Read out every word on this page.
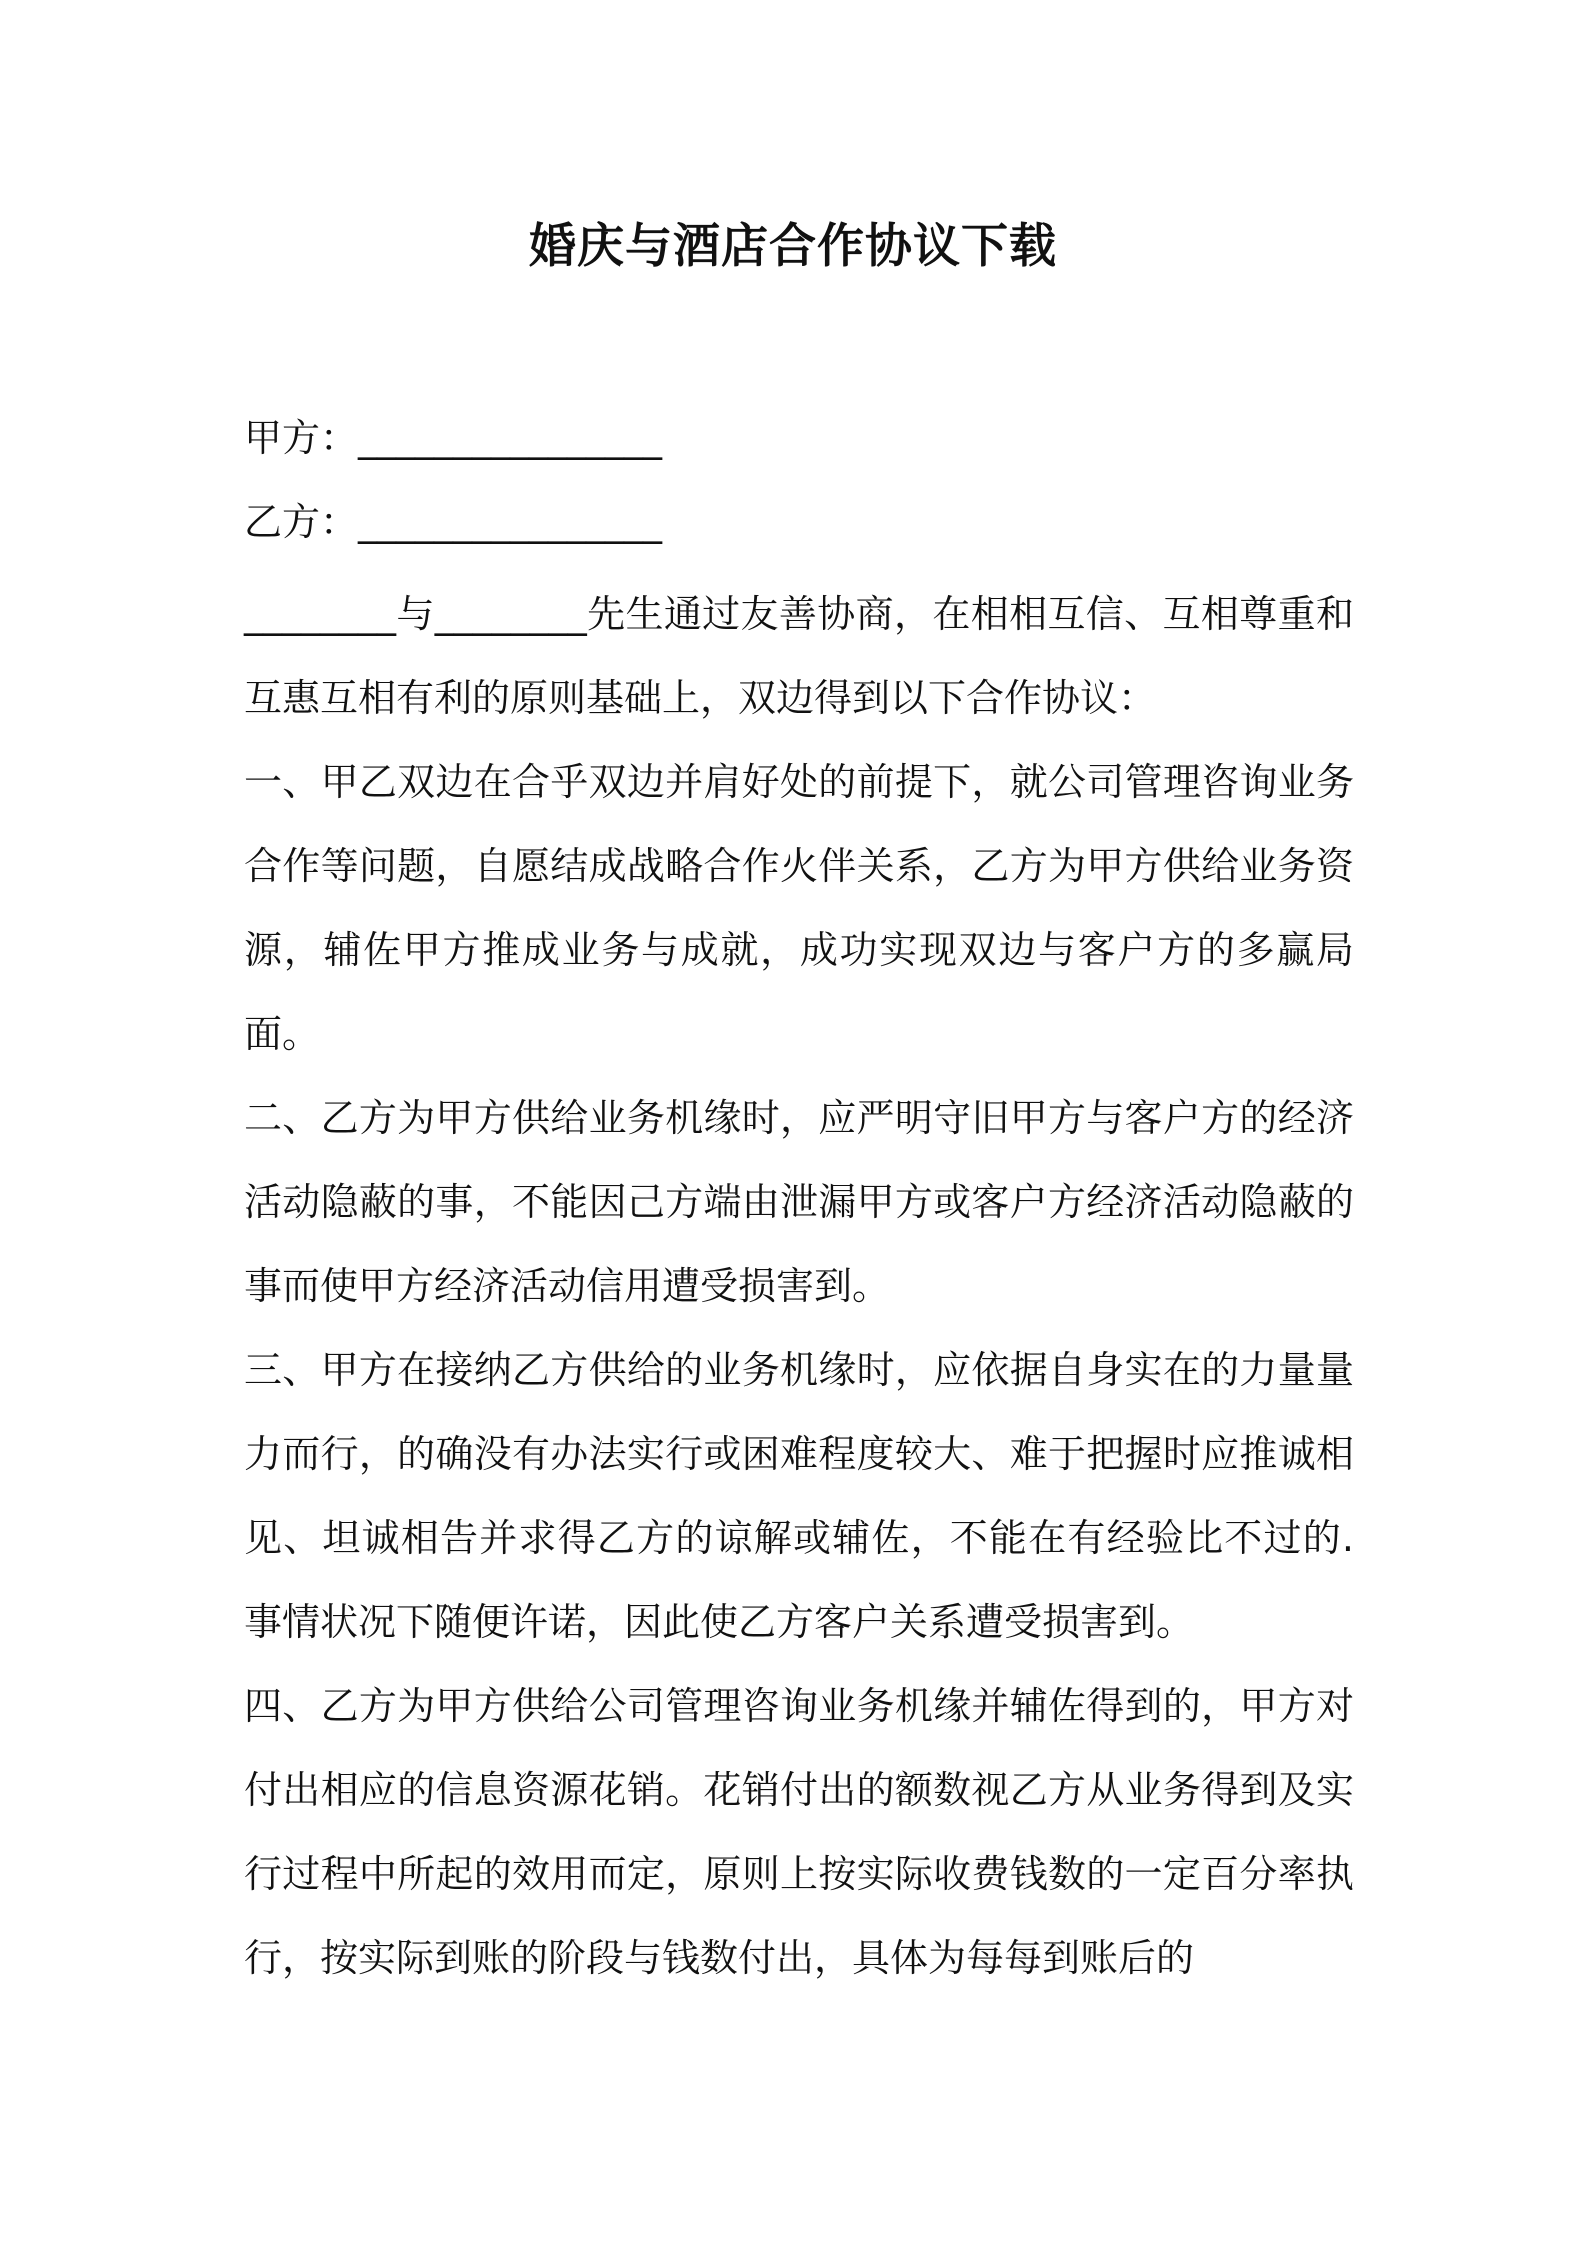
婚庆与酒店合作协议下载
甲方：________________
乙方：________________

________与________先生通过友善协商，在相相互信、互相尊重和互惠互相有利的原则基础上，双边得到以下合作协议：

一、甲乙双边在合乎双边并肩好处的前提下，就公司管理咨询业务合作等问题，自愿结成战略合作火伴关系，乙方为甲方供给业务资源，辅佐甲方推成业务与成就，成功实现双边与客户方的多赢局面。

二、乙方为甲方供给业务机缘时，应严明守旧甲方与客户方的经济活动隐蔽的事，不能因己方端由泄漏甲方或客户方经济活动隐蔽的事而使甲方经济活动信用遭受损害到。

三、甲方在接纳乙方供给的业务机缘时，应依据自身实在的力量量力而行，的确没有办法实行或困难程度较大、难于把握时应推诚相见、坦诚相告并求得乙方的谅解或辅佐，不能在有经验比不过的.事情状况下随便许诺，因此使乙方客户关系遭受损害到。

四、乙方为甲方供给公司管理咨询业务机缘并辅佐得到的，甲方对付出相应的信息资源花销。花销付出的额数视乙方从业务得到及实行过程中所起的效用而定，原则上按实际收费钱数的一定百分率执行，按实际到账的阶段与钱数付出，具体为每每到账后的
